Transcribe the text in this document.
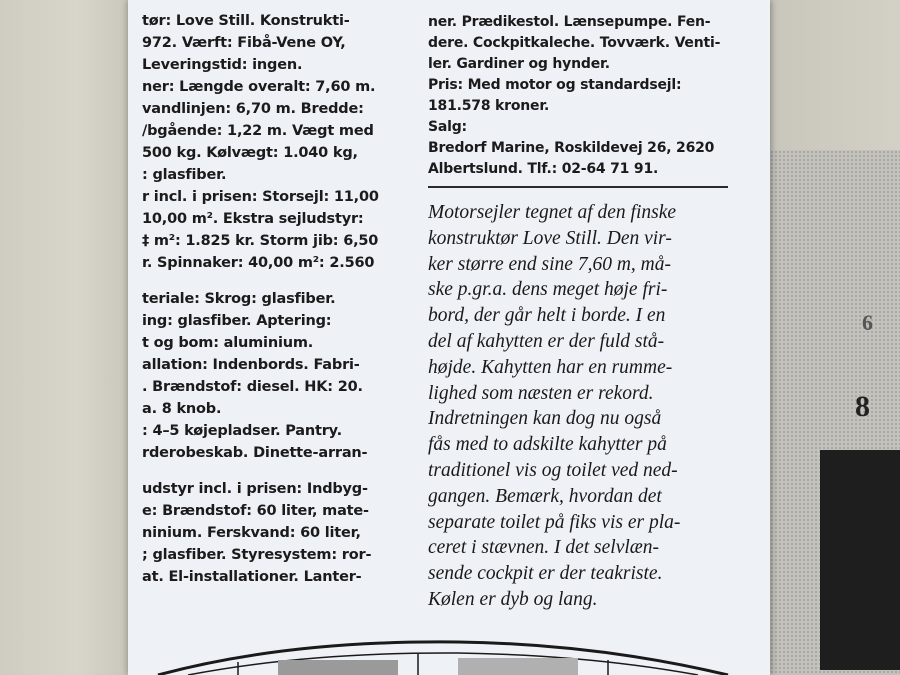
6
8
tør: Love Still. Konstrukti-
972. Værft: Fibå-Vene OY,
Leveringstid: ingen.
ner: Længde overalt: 7,60 m.
vandlinjen: 6,70 m. Bredde:
/bgående: 1,22 m. Vægt med
500 kg. Kølvægt: 1.040 kg,
: glasfiber.
r incl. i prisen: Storsejl: 11,00
10,00 m². Ekstra sejludstyr:
‡ m²: 1.825 kr. Storm jib: 6,50
r. Spinnaker: 40,00 m²: 2.560
teriale: Skrog: glasfiber.
ing: glasfiber. Aptering:
t og bom: aluminium.
allation: Indenbords. Fabri-
. Brændstof: diesel. HK: 20.
a. 8 knob.
: 4–5 køjepladser. Pantry.
rderobeskab. Dinette-arran-
udstyr incl. i prisen: Indbyg-
e: Brændstof: 60 liter, mate-
ninium. Ferskvand: 60 liter,
; glasfiber. Styresystem: ror-
at. El-installationer. Lanter-
ner. Prædikestol. Lænsepumpe. Fen-
dere. Cockpitkaleche. Tovværk. Venti-
ler. Gardiner og hynder.
Pris: Med motor og standardsejl:
181.578 kroner.
Salg:
Bredorf Marine, Roskildevej 26, 2620
Albertslund. Tlf.: 02-64 71 91.
Motorsejler tegnet af den finske
konstruktør Love Still. Den vir-
ker større end sine 7,60 m, må-
ske p.gr.a. dens meget høje fri-
bord, der går helt i borde. I en
del af kahytten er der fuld stå-
højde. Kahytten har en rumme-
lighed som næsten er rekord.
Indretningen kan dog nu også
fås med to adskilte kahytter på
traditionel vis og toilet ved ned-
gangen. Bemærk, hvordan det
separate toilet på fiks vis er pla-
ceret i stævnen. I det selvlæn-
sende cockpit er der teakriste.
Kølen er dyb og lang.
